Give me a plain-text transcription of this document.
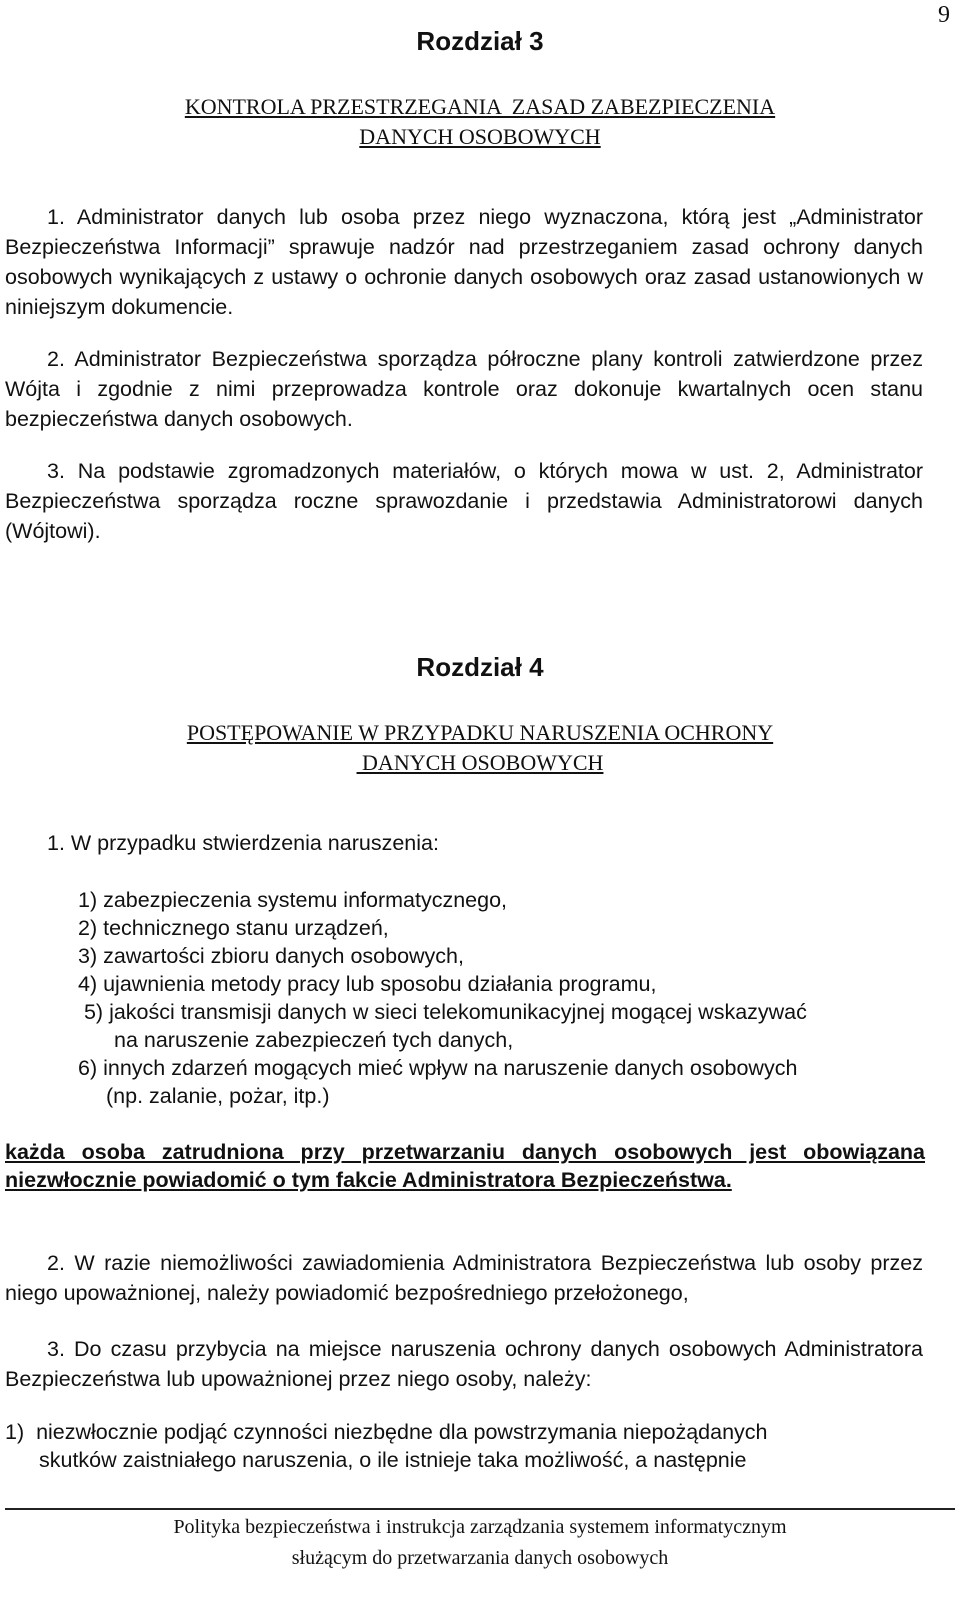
9
Rozdział 3
KONTROLA PRZESTRZEGANIA  ZASAD ZABEZPIECZENIA
DANYCH OSOBOWYCH
1. Administrator danych lub osoba przez niego wyznaczona, którą jest „Administrator Bezpieczeństwa Informacji” sprawuje nadzór nad przestrzeganiem zasad ochrony danych osobowych wynikających z ustawy o ochronie danych osobowych oraz zasad ustanowionych w niniejszym dokumencie.
2. Administrator Bezpieczeństwa sporządza półroczne plany kontroli zatwierdzone przez Wójta i zgodnie z nimi przeprowadza kontrole oraz dokonuje kwartalnych ocen stanu bezpieczeństwa danych osobowych.
3. Na podstawie zgromadzonych materiałów, o których mowa w ust. 2, Administrator Bezpieczeństwa sporządza roczne sprawozdanie i przedstawia Administratorowi danych (Wójtowi).
Rozdział 4
POSTĘPOWANIE W PRZYPADKU NARUSZENIA OCHRONY
DANYCH OSOBOWYCH
1. W przypadku stwierdzenia naruszenia:
1) zabezpieczenia systemu informatycznego,
2) technicznego stanu urządzeń,
3) zawartości zbioru danych osobowych,
4) ujawnienia metody pracy lub sposobu działania programu,
5) jakości transmisji danych w sieci telekomunikacyjnej mogącej wskazywać
na naruszenie zabezpieczeń tych danych,
6) innych zdarzeń mogących mieć wpływ na naruszenie danych osobowych
(np. zalanie, pożar, itp.)
każda osoba zatrudniona przy przetwarzaniu danych osobowych jest obowiązana niezwłocznie powiadomić o tym fakcie Administratora Bezpieczeństwa.
2. W razie niemożliwości zawiadomienia Administratora Bezpieczeństwa lub osoby przez niego upoważnionej, należy powiadomić bezpośredniego przełożonego,
3. Do czasu przybycia na miejsce naruszenia ochrony danych osobowych Administratora Bezpieczeństwa lub upoważnionej przez niego osoby, należy:
1)  niezwłocznie podjąć czynności niezbędne dla powstrzymania niepożądanych
skutków zaistniałego naruszenia, o ile istnieje taka możliwość, a następnie
Polityka bezpieczeństwa i instrukcja zarządzania systemem informatycznym
służącym do przetwarzania danych osobowych
